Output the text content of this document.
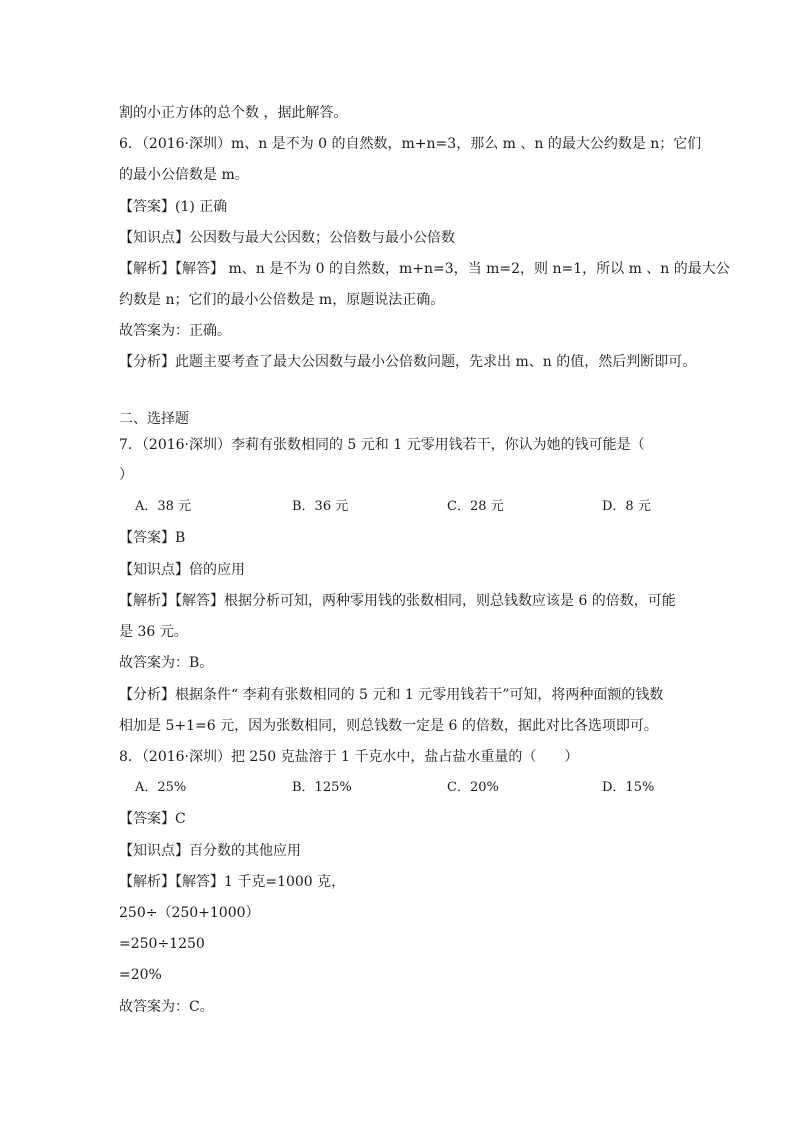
割的小正方体的总个数 ，据此解答。
6．（2016·深圳）m、n 是不为 0 的自然数，m+n=3，那么 m 、n 的最大公约数是 n；它们
的最小公倍数是 m。
【答案】(1) 正确
【知识点】公因数与最大公因数；公倍数与最小公倍数
【解析】【解答】 m、n 是不为 0 的自然数，m+n=3，当 m=2，则 n=1，所以 m 、n 的最大公
约数是 n；它们的最小公倍数是 m，原题说法正确。
故答案为：正确。
【分析】此题主要考查了最大公因数与最小公倍数问题，先求出 m、n 的值，然后判断即可。
二、选择题
7．（2016·深圳）李莉有张数相同的 5 元和 1 元零用钱若干，你认为她的钱可能是（
）
A．38 元	B．36 元	C．28 元	D．8 元
【答案】B
【知识点】倍的应用
【解析】【解答】根据分析可知，两种零用钱的张数相同，则总钱数应该是 6 的倍数，可能
是 36 元。
故答案为：B。
【分析】根据条件“ 李莉有张数相同的 5 元和 1 元零用钱若干”可知，将两种面额的钱数
相加是 5+1=6 元，因为张数相同，则总钱数一定是 6 的倍数，据此对比各选项即可。
8．（2016·深圳）把 250 克盐溶于 1 千克水中，盐占盐水重量的（　　）
A．25%	B．125%	C．20%	D．15%
【答案】C
【知识点】百分数的其他应用
【解析】【解答】1 千克=1000 克，
250÷（250+1000）
=250÷1250
=20%
故答案为：C。
